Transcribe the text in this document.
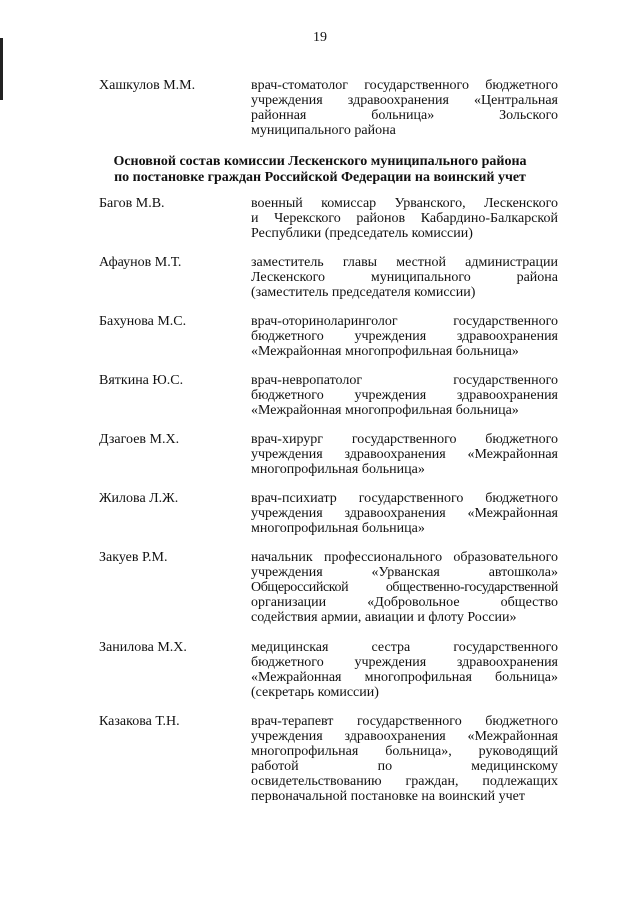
19
Хашкулов М.М.	врач-стоматолог государственного бюджетного
учреждения здравоохранения «Центральная
районная больница» Зольского
муниципального района
Основной состав комиссии Лескенского муниципального района
по постановке граждан Российской Федерации на воинский учет
Багов М.В.	военный комиссар Урванского, Лескенского
и Черекского районов Кабардино-Балкарской
Республики (председатель комиссии)
Афаунов М.Т.	заместитель главы местной администрации
Лескенского муниципального района
(заместитель председателя комиссии)
Бахунова М.С.	врач-оториноларинголог государственного
бюджетного учреждения здравоохранения
«Межрайонная многопрофильная больница»
Вяткина Ю.С.	врач-невропатолог государственного
бюджетного учреждения здравоохранения
«Межрайонная многопрофильная больница»
Дзагоев М.Х.	врач-хирург государственного бюджетного
учреждения здравоохранения «Межрайонная
многопрофильная больница»
Жилова Л.Ж.	врач-психиатр государственного бюджетного
учреждения здравоохранения «Межрайонная
многопрофильная больница»
Закуев Р.М.	начальник профессионального образовательного
учреждения «Урванская автошкола»
Общероссийской общественно-государственной
организации «Добровольное общество
содействия армии, авиации и флоту России»
Занилова М.Х.	медицинская сестра государственного
бюджетного учреждения здравоохранения
«Межрайонная многопрофильная больница»
(секретарь комиссии)
Казакова Т.Н.	врач-терапевт государственного бюджетного
учреждения здравоохранения «Межрайонная
многопрофильная больница», руководящий
работой по медицинскому
освидетельствованию граждан, подлежащих
первоначальной постановке на воинский учет
